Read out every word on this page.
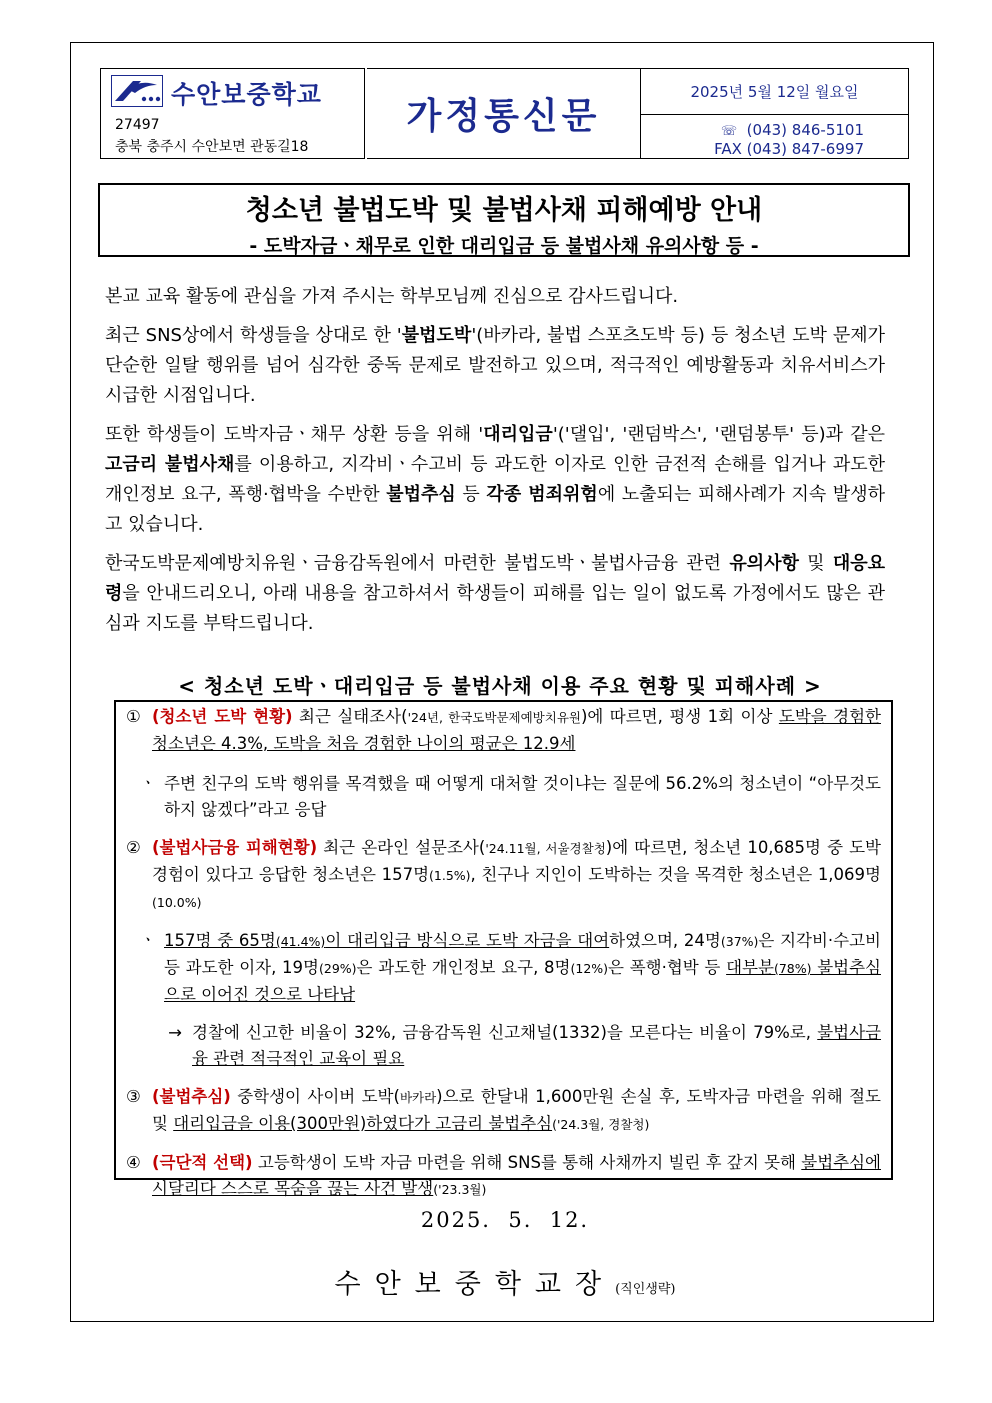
수안보중학교
27497
충북 충주시 수안보면 관동길18
가정통신문
2025년 5월 12일 월요일
☏ (043) 846-5101
FAX (043) 847-6997
청소년 불법도박 및 불법사채 피해예방 안내
- 도박자금ㆍ채무로 인한 대리입금 등 불법사채 유의사항 등 -

본교 교육 활동에 관심을 가져 주시는 학부모님께 진심으로 감사드립니다.

최근 SNS상에서 학생들을 상대로 한 '불법도박'(바카라, 불법 스포츠도박 등) 등 청소년 도박 문제가 단순한 일탈 행위를 넘어 심각한 중독 문제로 발전하고 있으며, 적극적인 예방활동과 치유서비스가 시급한 시점입니다.

또한 학생들이 도박자금ㆍ채무 상환 등을 위해 '대리입금'('댈입', '랜덤박스', '랜덤봉투' 등)과 같은 고금리 불법사채를 이용하고, 지각비ㆍ수고비 등 과도한 이자로 인한 금전적 손해를 입거나 과도한 개인정보 요구, 폭행·협박을 수반한 불법추심 등 각종 범죄위험에 노출되는 피해사례가 지속 발생하고 있습니다.

한국도박문제예방치유원ㆍ금융감독원에서 마련한 불법도박ㆍ불법사금융 관련 유의사항 및 대응요령을 안내드리오니, 아래 내용을 참고하셔서 학생들이 피해를 입는 일이 없도록 가정에서도 많은 관심과 지도를 부탁드립니다.

< 청소년 도박ㆍ대리입금 등 불법사채 이용 주요 현황 및 피해사례 >
① (청소년 도박 현황) 최근 실태조사('24년, 한국도박문제예방치유원)에 따르면, 평생 1회 이상 도박을 경험한 청소년은 4.3%, 도박을 처음 경험한 나이의 평균은 12.9세
ㆍ 주변 친구의 도박 행위를 목격했을 때 어떻게 대처할 것이냐는 질문에 56.2%의 청소년이 “아무것도 하지 않겠다”라고 응답
② (불법사금융 피해현황) 최근 온라인 설문조사('24.11월, 서울경찰청)에 따르면, 청소년 10,685명 중 도박경험이 있다고 응답한 청소년은 157명(1.5%), 친구나 지인이 도박하는 것을 목격한 청소년은 1,069명(10.0%)
ㆍ 157명 중 65명(41.4%)이 대리입금 방식으로 도박 자금을 대여하였으며, 24명(37%)은 지각비·수고비 등 과도한 이자, 19명(29%)은 과도한 개인정보 요구, 8명(12%)은 폭행·협박 등 대부분(78%) 불법추심으로 이어진 것으로 나타남
→ 경찰에 신고한 비율이 32%, 금융감독원 신고채널(1332)을 모른다는 비율이 79%로, 불법사금융 관련 적극적인 교육이 필요
③ (불법추심) 중학생이 사이버 도박(바카라)으로 한달내 1,600만원 손실 후, 도박자금 마련을 위해 절도 및 대리입금을 이용(300만원)하였다가 고금리 불법추심('24.3월, 경찰청)
④ (극단적 선택) 고등학생이 도박 자금 마련을 위해 SNS를 통해 사채까지 빌린 후 갚지 못해 불법추심에 시달리다 스스로 목숨을 끊는 사건 발생('23.3월)
2025.  5.  12.
수안보중학교장(직인생략)
